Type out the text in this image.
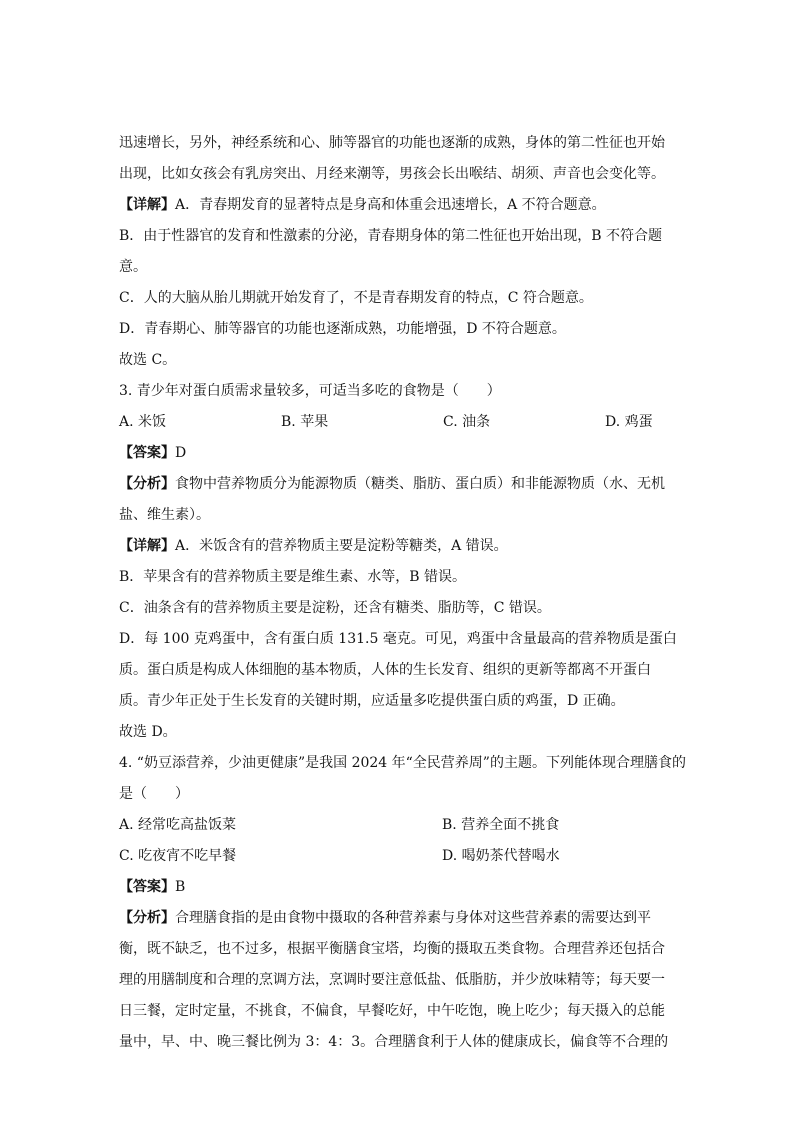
迅速增长，另外，神经系统和心、肺等器官的功能也逐渐的成熟，身体的第二性征也开始
出现，比如女孩会有乳房突出、月经来潮等，男孩会长出喉结、胡须、声音也会变化等。
【详解】A．青春期发育的显著特点是身高和体重会迅速增长，A 不符合题意。
B．由于性器官的发育和性激素的分泌，青春期身体的第二性征也开始出现，B 不符合题
意。
C．人的大脑从胎儿期就开始发育了，不是青春期发育的特点，C 符合题意。
D．青春期心、肺等器官的功能也逐渐成熟，功能增强，D 不符合题意。
故选 C。
3. 青少年对蛋白质需求量较多，可适当多吃的食物是（　　）
A. 米饭	B. 苹果	C. 油条	D. 鸡蛋
【答案】D
【分析】食物中营养物质分为能源物质（糖类、脂肪、蛋白质）和非能源物质（水、无机
盐、维生素）。
【详解】A．米饭含有的营养物质主要是淀粉等糖类，A 错误。
B．苹果含有的营养物质主要是维生素、水等，B 错误。
C．油条含有的营养物质主要是淀粉，还含有糖类、脂肪等，C 错误。
D．每 100 克鸡蛋中，含有蛋白质 131.5 毫克。可见，鸡蛋中含量最高的营养物质是蛋白
质。蛋白质是构成人体细胞的基本物质，人体的生长发育、组织的更新等都离不开蛋白
质。青少年正处于生长发育的关键时期，应适量多吃提供蛋白质的鸡蛋，D 正确。
故选 D。
4. “奶豆添营养，少油更健康”是我国 2024 年“全民营养周”的主题。下列能体现合理膳食的
是（　　）
A. 经常吃高盐饭菜	B. 营养全面不挑食
C. 吃夜宵不吃早餐	D. 喝奶茶代替喝水
【答案】B
【分析】合理膳食指的是由食物中摄取的各种营养素与身体对这些营养素的需要达到平
衡，既不缺乏，也不过多，根据平衡膳食宝塔，均衡的摄取五类食物。合理营养还包括合
理的用膳制度和合理的烹调方法，烹调时要注意低盐、低脂肪，并少放味精等；每天要一
日三餐，定时定量，不挑食，不偏食，早餐吃好，中午吃饱，晚上吃少；每天摄入的总能
量中，早、中、晚三餐比例为 3：4：3。合理膳食利于人体的健康成长，偏食等不合理的
